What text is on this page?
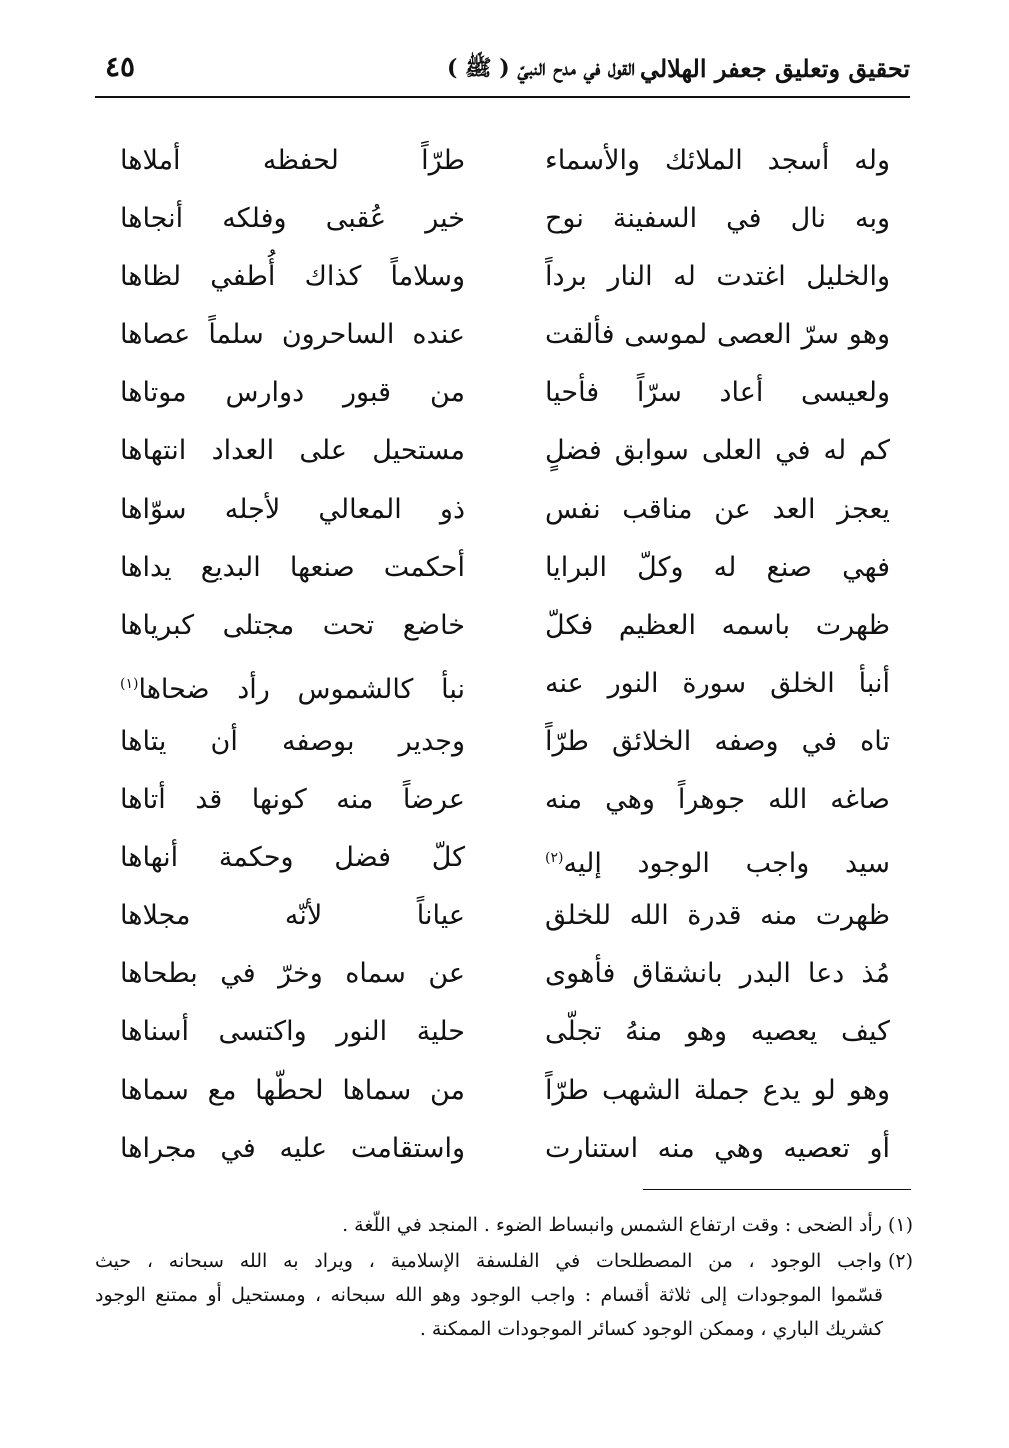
تحقيق وتعليق جعفر الهلالي
القول في مدح النبيّ ( ﷺ )
٤٥
وله أسجد الملائك والأسماء
طرّاً لحفظه أملاها
وبه نال في السفينة نوح
خير عُقبى وفلكه أنجاها
والخليل اغتدت له النار برداً
وسلاماً كذاك أُطفي لظاها
وهو سرّ العصى لموسى فألقت
عنده الساحرون سلماً عصاها
ولعيسى أعاد سرّاً فأحيا
من قبور دوارس موتاها
كم له في العلى سوابق فضلٍ
مستحيل على العداد انتهاها
يعجز العد عن مناقب نفس
ذو المعالي لأجله سوّاها
فهي صنع له وكلّ البرايا
أحكمت صنعها البديع يداها
ظهرت باسمه العظيم فكلّ
خاضع تحت مجتلى كبرياها
أنبأ الخلق سورة النور عنه
نبأ كالشموس رأد ضحاها$^{(١)}$
تاه في وصفه الخلائق طرّاً
وجدير بوصفه أن يتاها
صاغه الله جوهراً وهي منه
عرضاً منه كونها قد أتاها
سيد واجب الوجود إليه$^{(٢)}$
كلّ فضل وحكمة أنهاها
ظهرت منه قدرة الله للخلق
عياناً لأنّه مجلاها
مُذ دعا البدر بانشقاق فأهوى
عن سماه وخرّ في بطحاها
كيف يعصيه وهو منهُ تجلّى
حلية النور واكتسى أسناها
وهو لو يدع جملة الشهب طرّاً
من سماها لحطّها مع سماها
أو تعصيه وهي منه استنارت
واستقامت عليه في مجراها
(١)رأد الضحى : وقت ارتفاع الشمس وانبساط الضوء . المنجد في اللّغة .
(٢)واجب الوجود ، من المصطلحات في الفلسفة الإسلامية ، ويراد به الله سبحانه ، حيث
قسّموا الموجودات إلى ثلاثة أقسام : واجب الوجود وهو الله سبحانه ، ومستحيل أو ممتنع الوجود كشريك الباري ، وممكن الوجود كسائر الموجودات الممكنة .
